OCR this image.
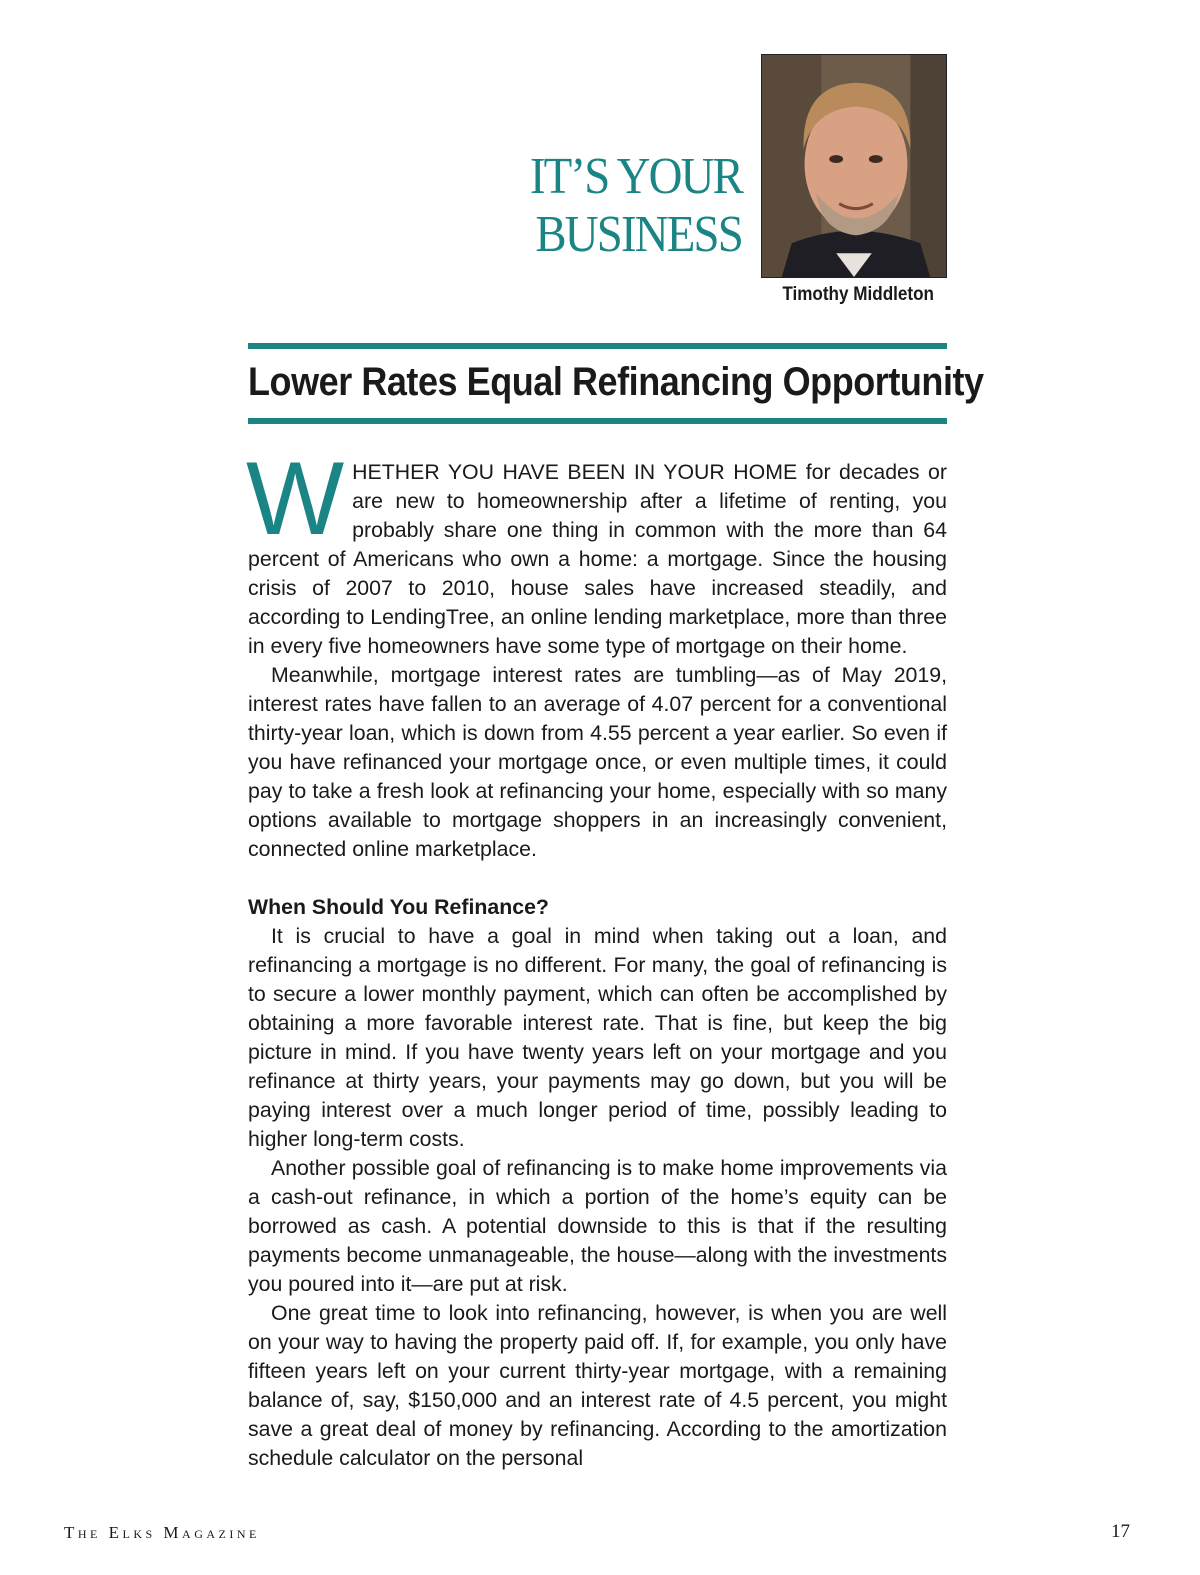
IT’S YOUR
BUSINESS
Timothy Middleton
Lower Rates Equal Refinancing Opportunity

WHETHER YOU HAVE BEEN IN YOUR HOME for decades or are new to homeownership after a lifetime of renting, you probably share one thing in common with the more than 64 percent of Americans who own a home: a mortgage. Since the housing crisis of 2007 to 2010, house sales have increased steadily, and according to LendingTree, an online lending marketplace, more than three in every five homeowners have some type of mortgage on their home.

Meanwhile, mortgage interest rates are tumbling—as of May 2019, interest rates have fallen to an average of 4.07 percent for a conventional thirty-year loan, which is down from 4.55 percent a year earlier. So even if you have refinanced your mortgage once, or even multiple times, it could pay to take a fresh look at refinancing your home, especially with so many options available to mortgage shoppers in an increasingly convenient, connected online marketplace.

When Should You Refinance?

It is crucial to have a goal in mind when taking out a loan, and refinancing a mortgage is no different. For many, the goal of refinancing is to secure a lower monthly payment, which can often be accomplished by obtaining a more favorable interest rate. That is fine, but keep the big picture in mind. If you have twenty years left on your mortgage and you refinance at thirty years, your payments may go down, but you will be paying interest over a much longer period of time, possibly leading to higher long-term costs.

Another possible goal of refinancing is to make home improvements via a cash-out refinance, in which a portion of the home’s equity can be borrowed as cash. A potential downside to this is that if the resulting payments become unmanageable, the house—along with the investments you poured into it—are put at risk.

One great time to look into refinancing, however, is when you are well on your way to having the property paid off. If, for example, you only have fifteen years left on your current thirty-year mortgage, with a remaining balance of, say, $150,000 and an interest rate of 4.5 percent, you might save a great deal of money by refinancing. According to the amortization schedule calculator on the personal

The Elks Magazine	17
